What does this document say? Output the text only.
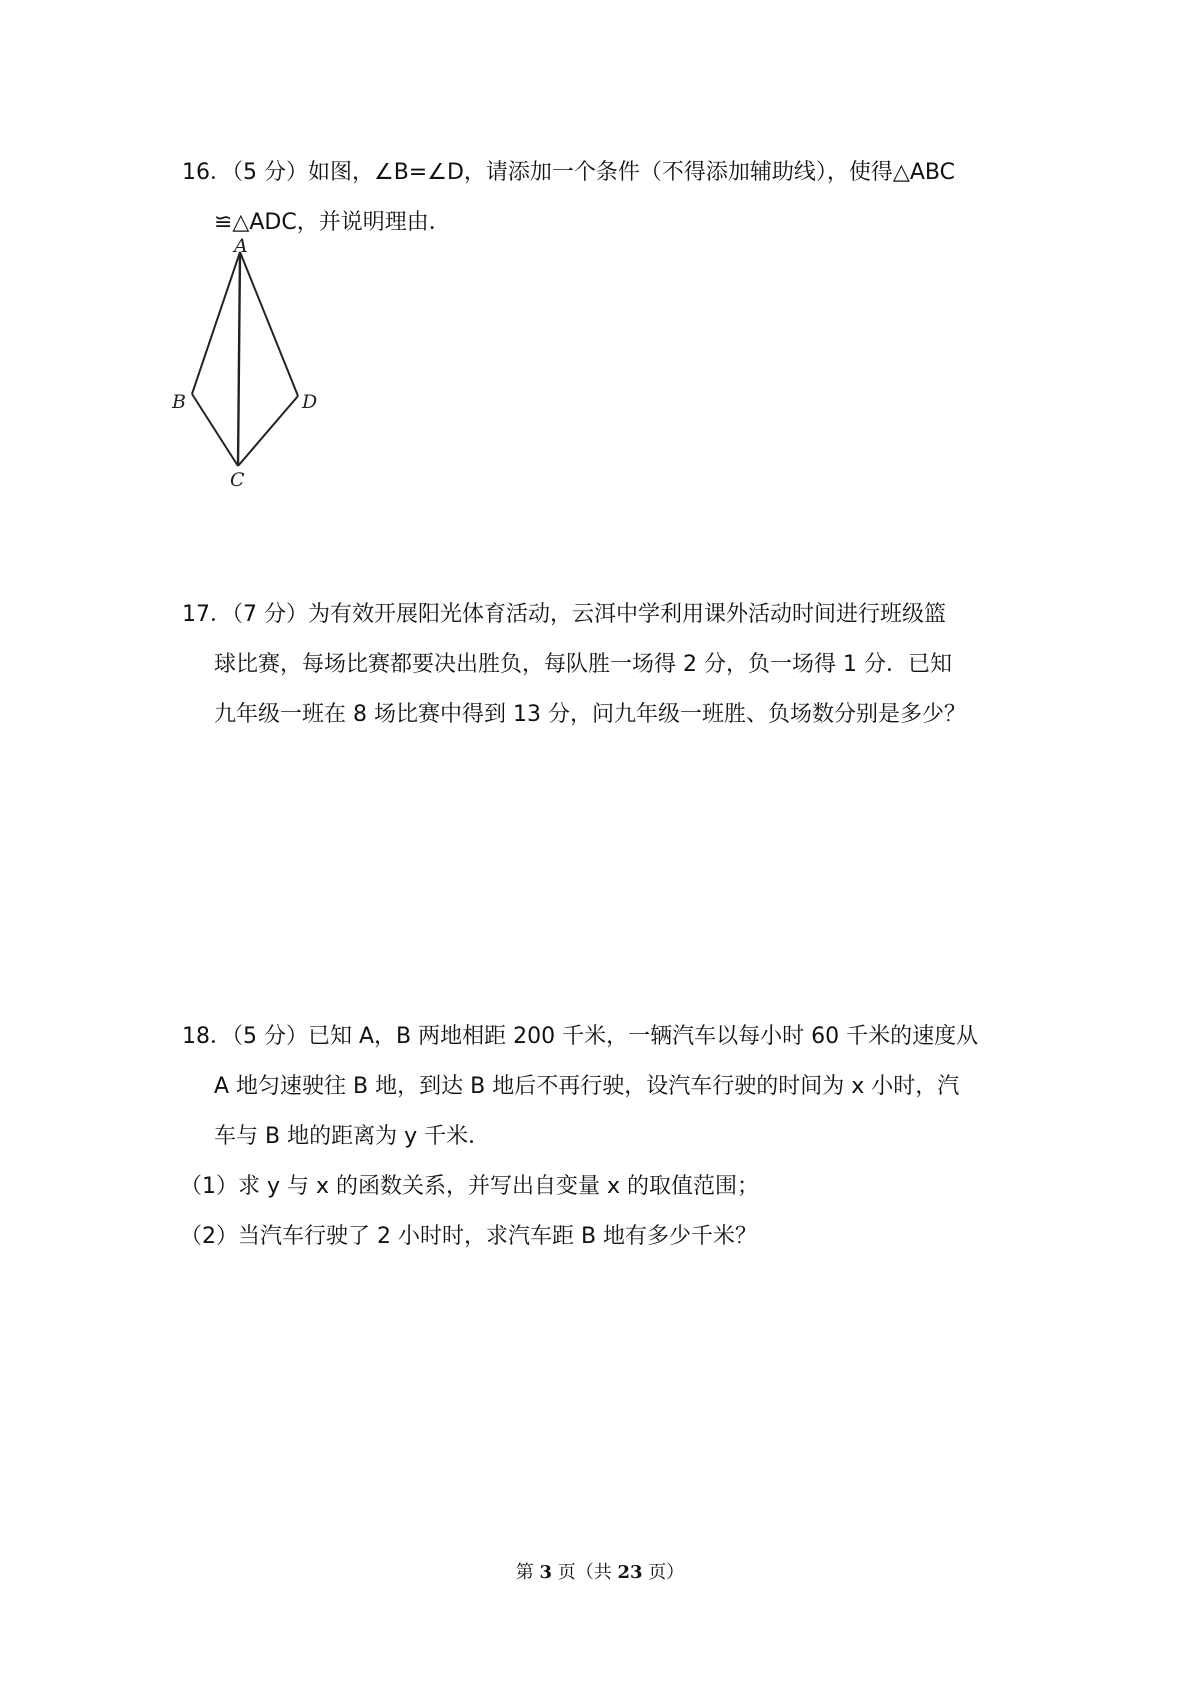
16．（5 分）如图，∠B=∠D，请添加一个条件（不得添加辅助线），使得△ABC
≌△ADC，并说明理由．
A
B
C
D
17．（7 分）为有效开展阳光体育活动，云洱中学利用课外活动时间进行班级篮
球比赛，每场比赛都要决出胜负，每队胜一场得 2 分，负一场得 1 分．已知
九年级一班在 8 场比赛中得到 13 分，问九年级一班胜、负场数分别是多少？
18．（5 分）已知 A，B 两地相距 200 千米，一辆汽车以每小时 60 千米的速度从
A 地匀速驶往 B 地，到达 B 地后不再行驶，设汽车行驶的时间为 x 小时，汽
车与 B 地的距离为 y 千米．
（1）求 y 与 x 的函数关系，并写出自变量 x 的取值范围；
（2）当汽车行驶了 2 小时时，求汽车距 B 地有多少千米？
第 3 页（共 23 页）
